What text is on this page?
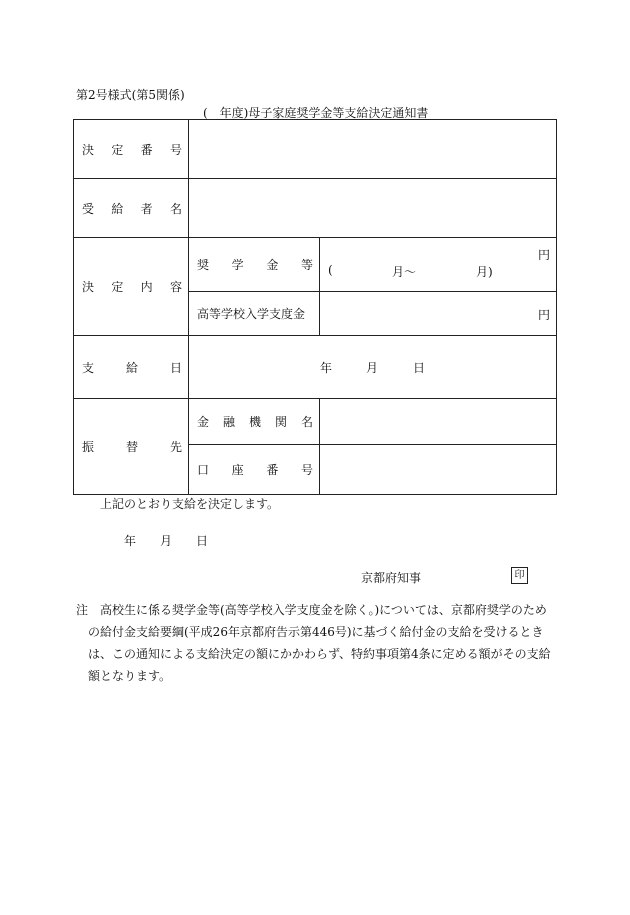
第2号様式(第5関係)
(　年度)母子家庭奨学金等支給決定通知書
決 定 番 号		

受 給 者 名		

決 定 内 容	奨 学 金 等	円
( 月〜 月)

	高等学校入学支度金	円

支 給 日	年 月 日	

振 替 先	金 融 機 関 名	

	口 座 番 号	

上記のとおり支給を決定します。
年 月 日
京都府知事	印
注　高校生に係る奨学金等(高等学校入学支度金を除く。)については、京都府奨学のため
の給付金支給要綱(平成26年京都府告示第446号)に基づく給付金の支給を受けるとき
は、この通知による支給決定の額にかかわらず、特約事項第4条に定める額がその支給
額となります。
